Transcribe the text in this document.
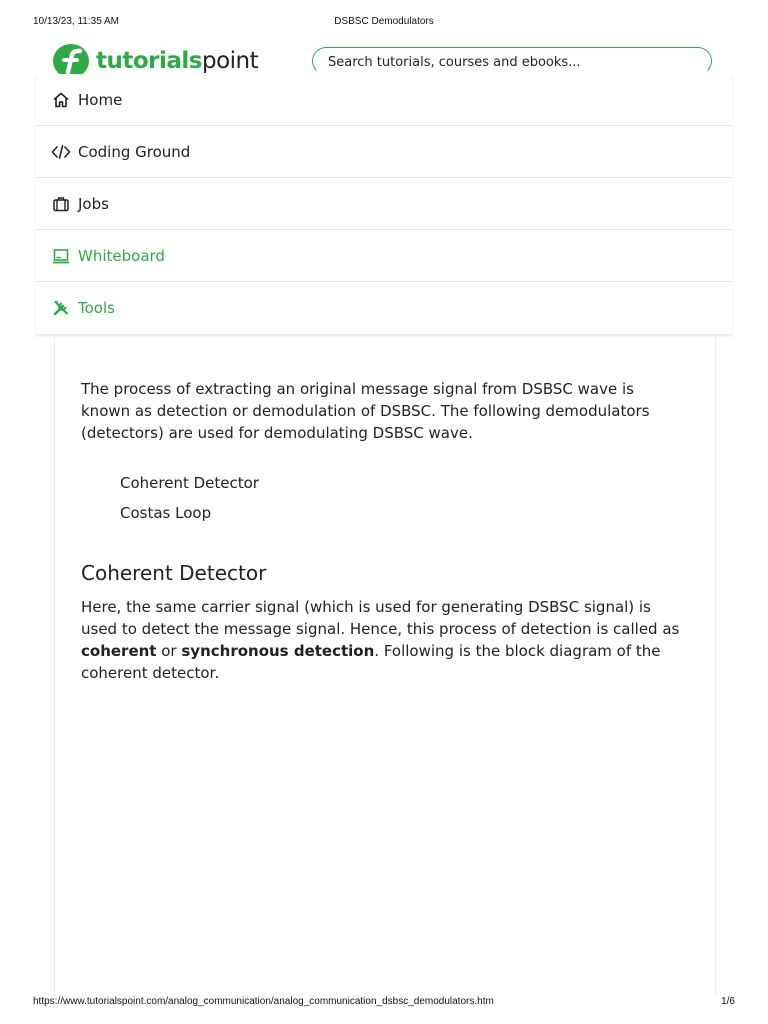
10/13/23, 11:35 AM	DSBSC Demodulators
tutorialspoint
Search tutorials, courses and ebooks...
Home
Coding Ground
Jobs
Whiteboard
Tools

The process of extracting an original message signal from DSBSC wave is known as detection or demodulation of DSBSC. The following demodulators (detectors) are used for demodulating DSBSC wave.

Coherent Detector
Costas Loop
Coherent Detector

Here, the same carrier signal (which is used for generating DSBSC signal) is used to detect the message signal. Hence, this process of detection is called as coherent or synchronous detection. Following is the block diagram of the coherent detector.

https://www.tutorialspoint.com/analog_communication/analog_communication_dsbsc_demodulators.htm	1/6
